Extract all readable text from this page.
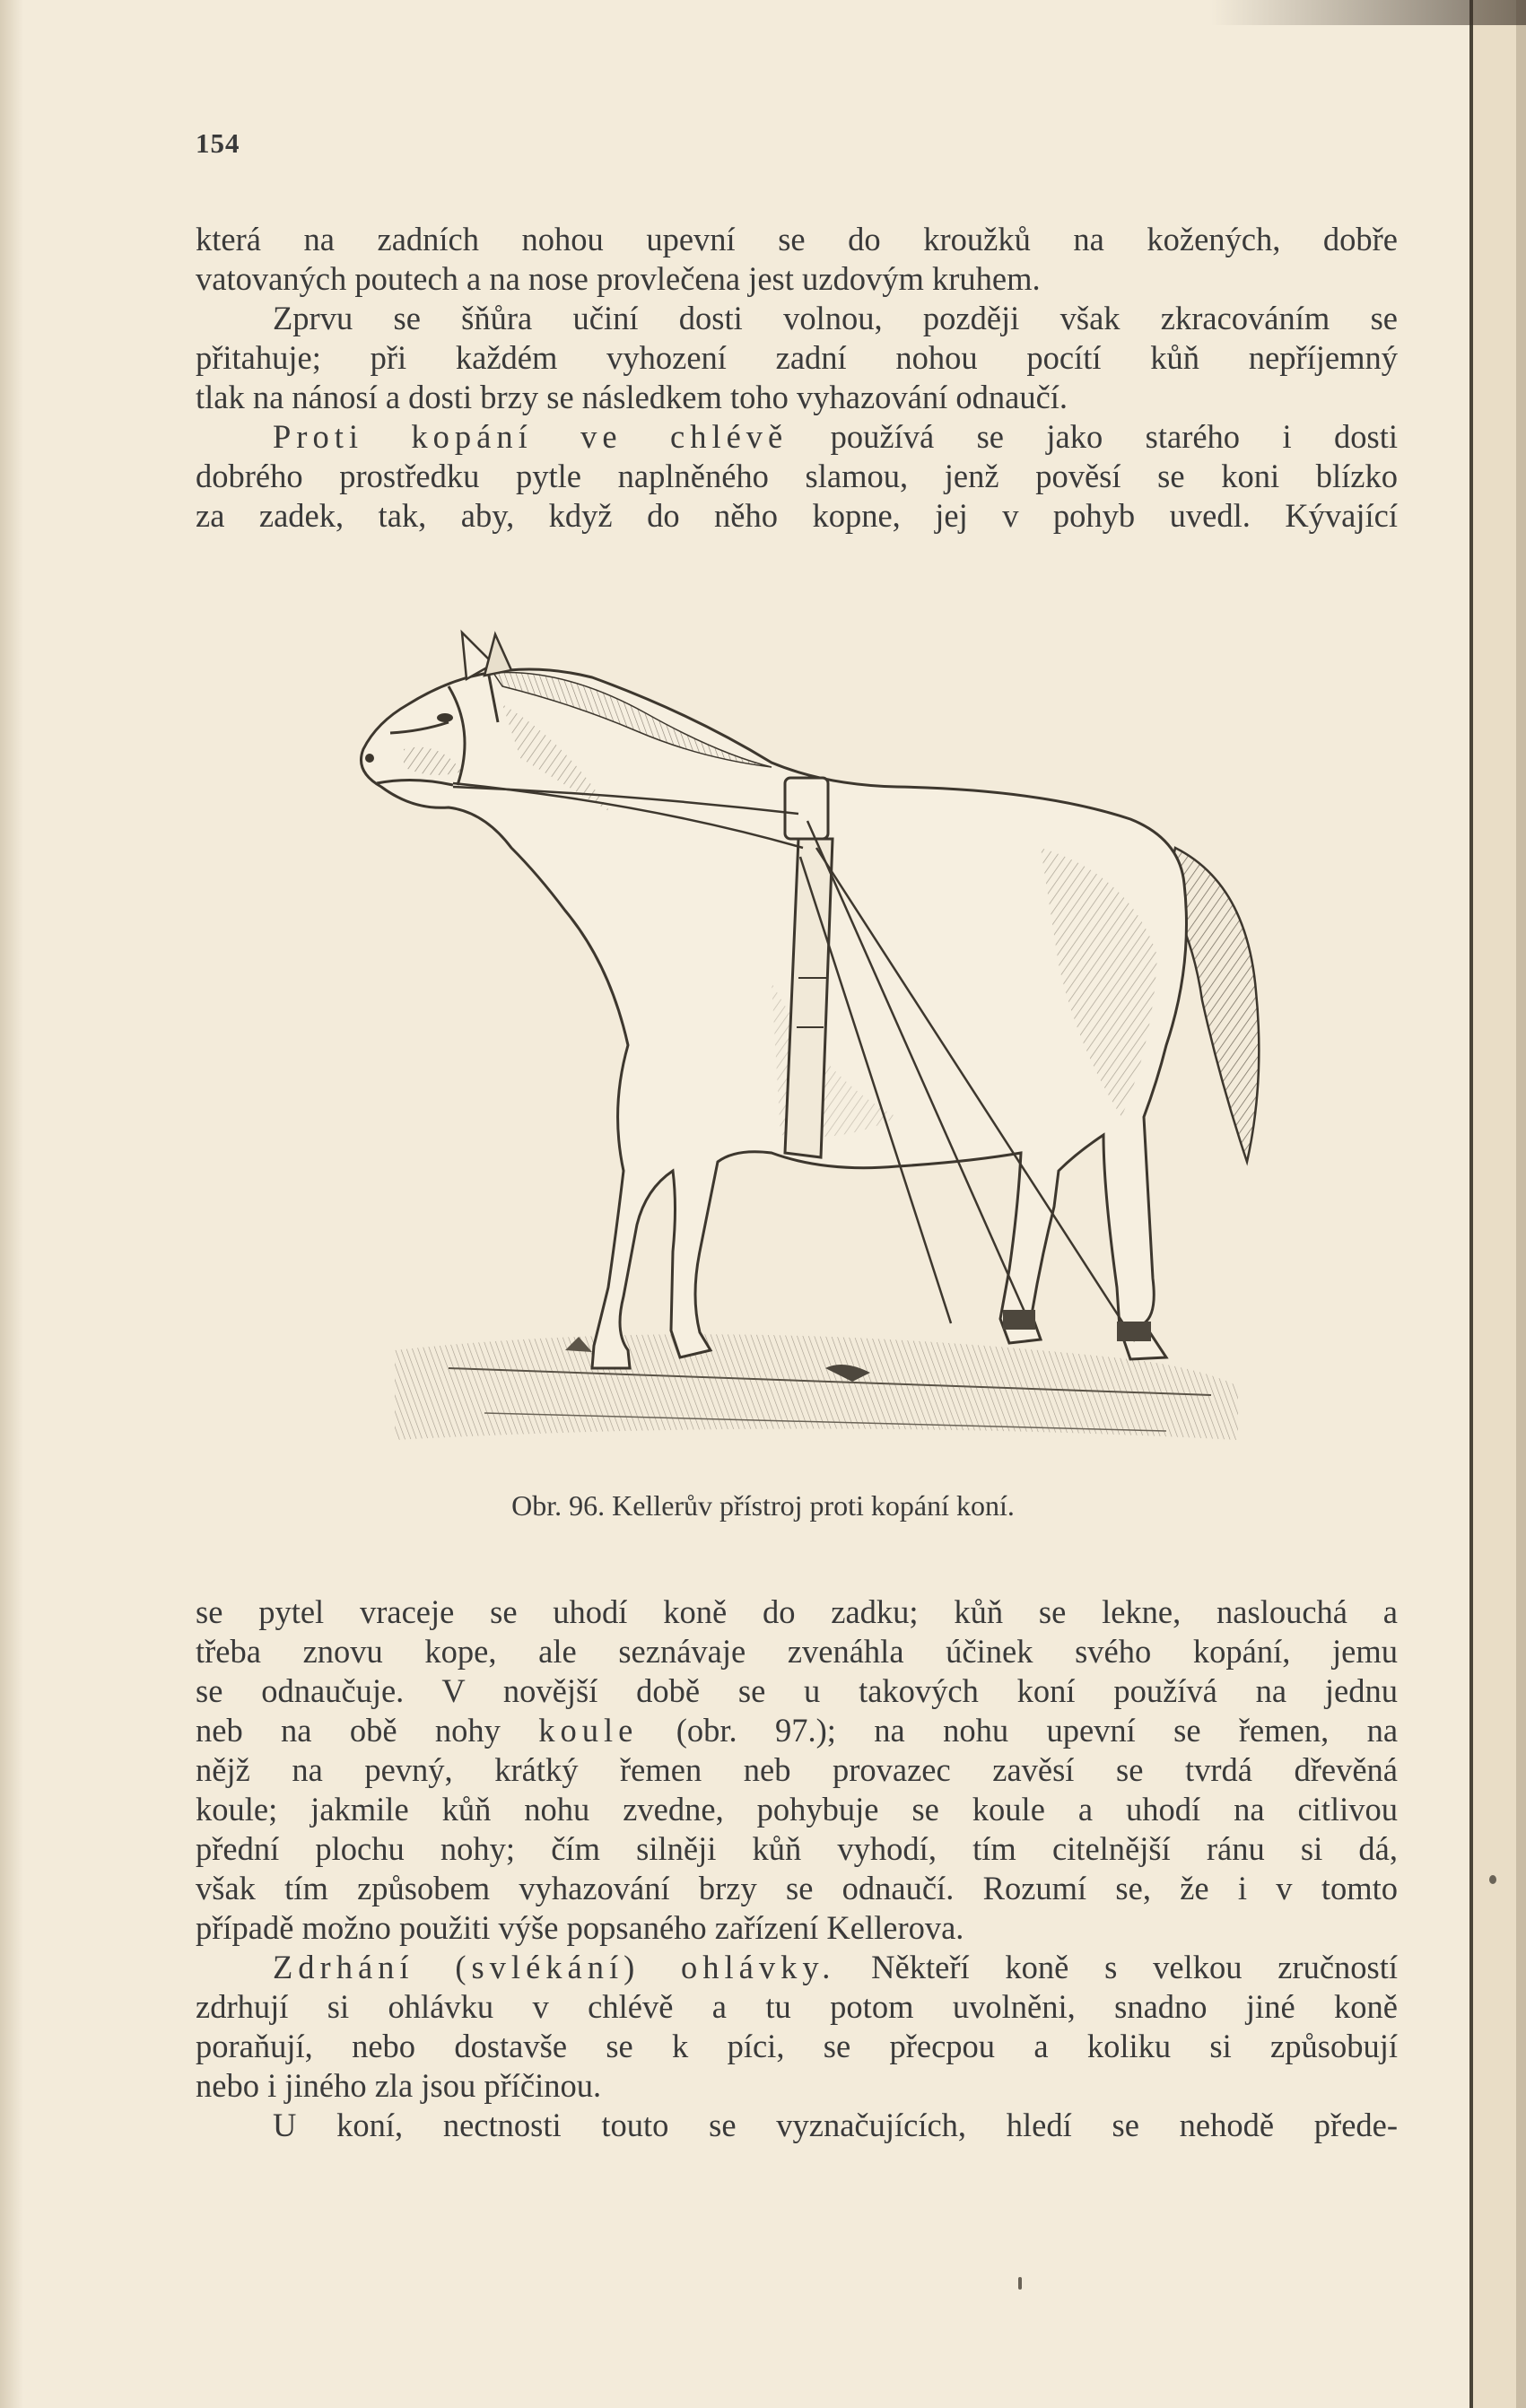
154
která na zadních nohou upevní se do kroužků na kožených, dobře
vatovaných poutech a na nose provlečena jest uzdovým kruhem.
Zprvu se šňůra učiní dosti volnou, později však zkracováním se
přitahuje; při každém vyhození zadní nohou pocítí kůň nepříjemný
tlak na nánosí a dosti brzy se následkem toho vyhazování odnaučí.
Proti kopání ve chlévě používá se jako starého i dosti
dobrého prostředku pytle naplněného slamou, jenž pověsí se koni blízko
za zadek, tak, aby, když do něho kopne, jej v pohyb uvedl. Kývající
Obr. 96. Kellerův přístroj proti kopání koní.
se pytel vraceje se uhodí koně do zadku; kůň se lekne, naslouchá a
třeba znovu kope, ale seznávaje zvenáhla účinek svého kopání, jemu
se odnaučuje. V novější době se u takových koní používá na jednu
neb na obě nohy koule (obr. 97.); na nohu upevní se řemen, na
nějž na pevný, krátký řemen neb provazec zavěsí se tvrdá dřevěná
koule; jakmile kůň nohu zvedne, pohybuje se koule a uhodí na citlivou
přední plochu nohy; čím silněji kůň vyhodí, tím citelnější ránu si dá,
však tím způsobem vyhazování brzy se odnaučí. Rozumí se, že i v tomto
případě možno použiti výše popsaného zařízení Kellerova.
Zdrhání (svlékání) ohlávky. Někteří koně s velkou zručností
zdrhují si ohlávku v chlévě a tu potom uvolněni, snadno jiné koně
poraňují, nebo dostavše se k píci, se přecpou a koliku si způsobují
nebo i jiného zla jsou příčinou.
U koní, nectnosti touto se vyznačujících, hledí se nehodě přede-
